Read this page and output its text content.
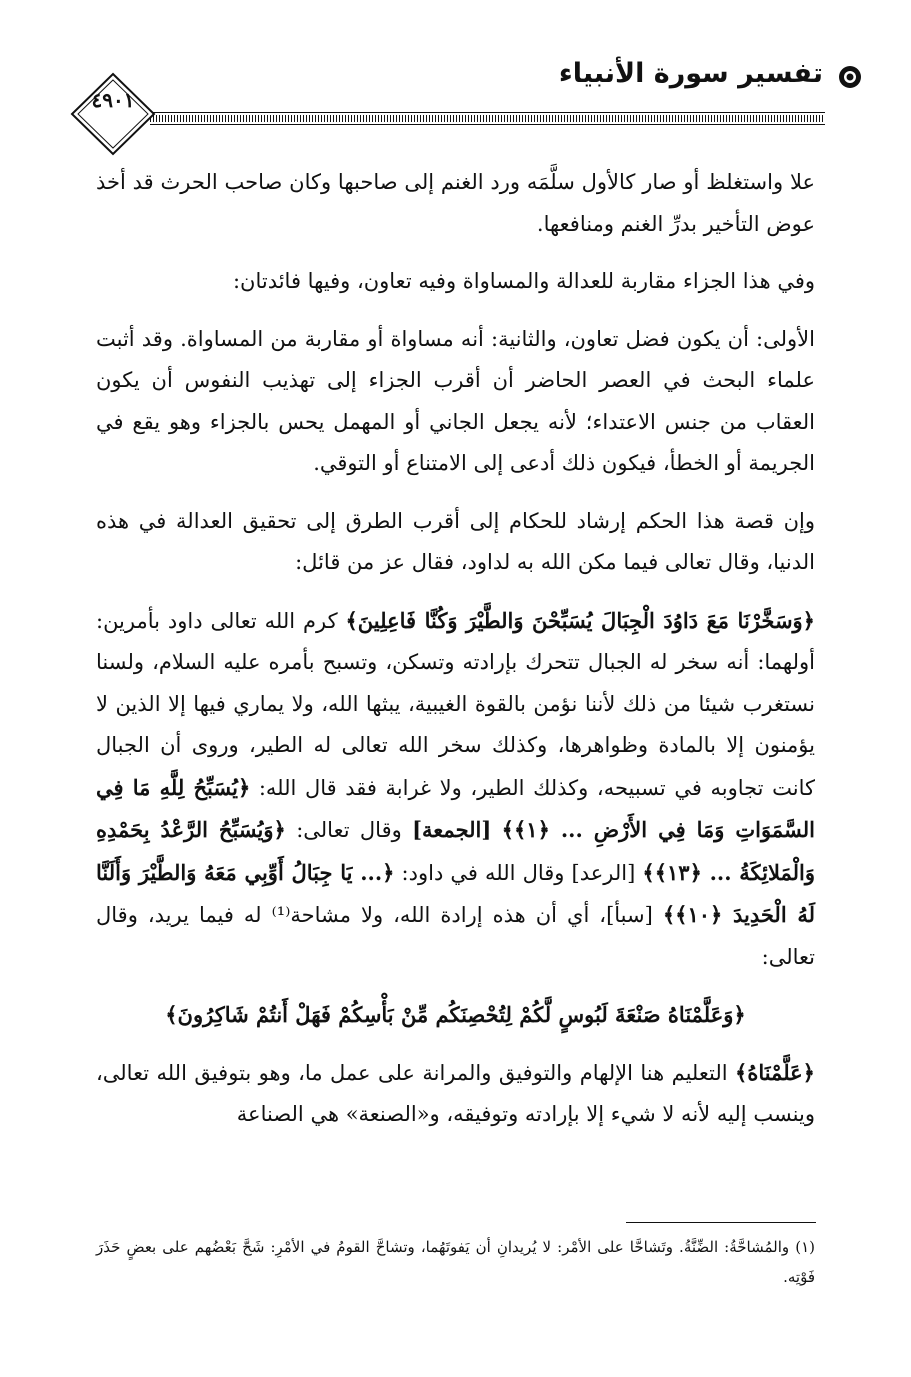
تفسير سورة الأنبياء
٤٩٠١

علا واستغلظ أو صار كالأول سلَّمَه ورد الغنم إلى صاحبها وكان صاحب الحرث قد أخذ عوض التأخير بدرِّ الغنم ومنافعها.

وفي هذا الجزاء مقاربة للعدالة والمساواة وفيه تعاون، وفيها فائدتان:

الأولى: أن يكون فضل تعاون، والثانية: أنه مساواة أو مقاربة من المساواة. وقد أثبت علماء البحث في العصر الحاضر أن أقرب الجزاء إلى تهذيب النفوس أن يكون العقاب من جنس الاعتداء؛ لأنه يجعل الجاني أو المهمل يحس بالجزاء وهو يقع في الجريمة أو الخطأ، فيكون ذلك أدعى إلى الامتناع أو التوقي.

وإن قصة هذا الحكم إرشاد للحكام إلى أقرب الطرق إلى تحقيق العدالة في هذه الدنيا، وقال تعالى فيما مكن الله به لداود، فقال عز من قائل:

﴿وَسَخَّرْنَا مَعَ دَاوُدَ الْجِبَالَ يُسَبِّحْنَ وَالطَّيْرَ وَكُنَّا فَاعِلِينَ﴾ كرم الله تعالى داود بأمرين: أولهما: أنه سخر له الجبال تتحرك بإرادته وتسكن، وتسبح بأمره عليه السلام، ولسنا نستغرب شيئا من ذلك لأننا نؤمن بالقوة الغيبية، يبثها الله، ولا يماري فيها إلا الذين لا يؤمنون إلا بالمادة وظواهرها، وكذلك سخر الله تعالى له الطير، وروى أن الجبال كانت تجاوبه في تسبيحه، وكذلك الطير، ولا غرابة فقد قال الله: ﴿يُسَبِّحُ لِلَّهِ مَا فِي السَّمَوَاتِ وَمَا فِي الأَرْضِ ... ﴿١﴾﴾ [الجمعة] وقال تعالى: ﴿وَيُسَبِّحُ الرَّعْدُ بِحَمْدِهِ وَالْمَلائِكَةُ ... ﴿١٣﴾﴾ [الرعد] وقال الله في داود: ﴿... يَا جِبَالُ أَوِّبِي مَعَهُ وَالطَّيْرَ وَأَلَنَّا لَهُ الْحَدِيدَ ﴿١٠﴾﴾ [سبأ]، أي أن هذه إرادة الله، ولا مشاحة⁽¹⁾ له فيما يريد، وقال تعالى:

﴿وَعَلَّمْنَاهُ صَنْعَةَ لَبُوسٍ لَّكُمْ لِتُحْصِنَكُم مِّنْ بَأْسِكُمْ فَهَلْ أَنتُمْ شَاكِرُونَ﴾

﴿عَلَّمْنَاهُ﴾ التعليم هنا الإلهام والتوفيق والمرانة على عمل ما، وهو بتوفيق الله تعالى، وينسب إليه لأنه لا شيء إلا بإرادته وتوفيقه، و«الصنعة» هي الصناعة

(١) والمُشاحَّةُ: الضِّنَّةُ. وتَشاحَّا على الأمْر: لا يُريدانِ أن يَفوتَهُما، وتشاحَّ القومُ في الأمْرِ: شَحَّ بَعْضُهم على بعضٍ حَذَرَ فَوْتِه.
